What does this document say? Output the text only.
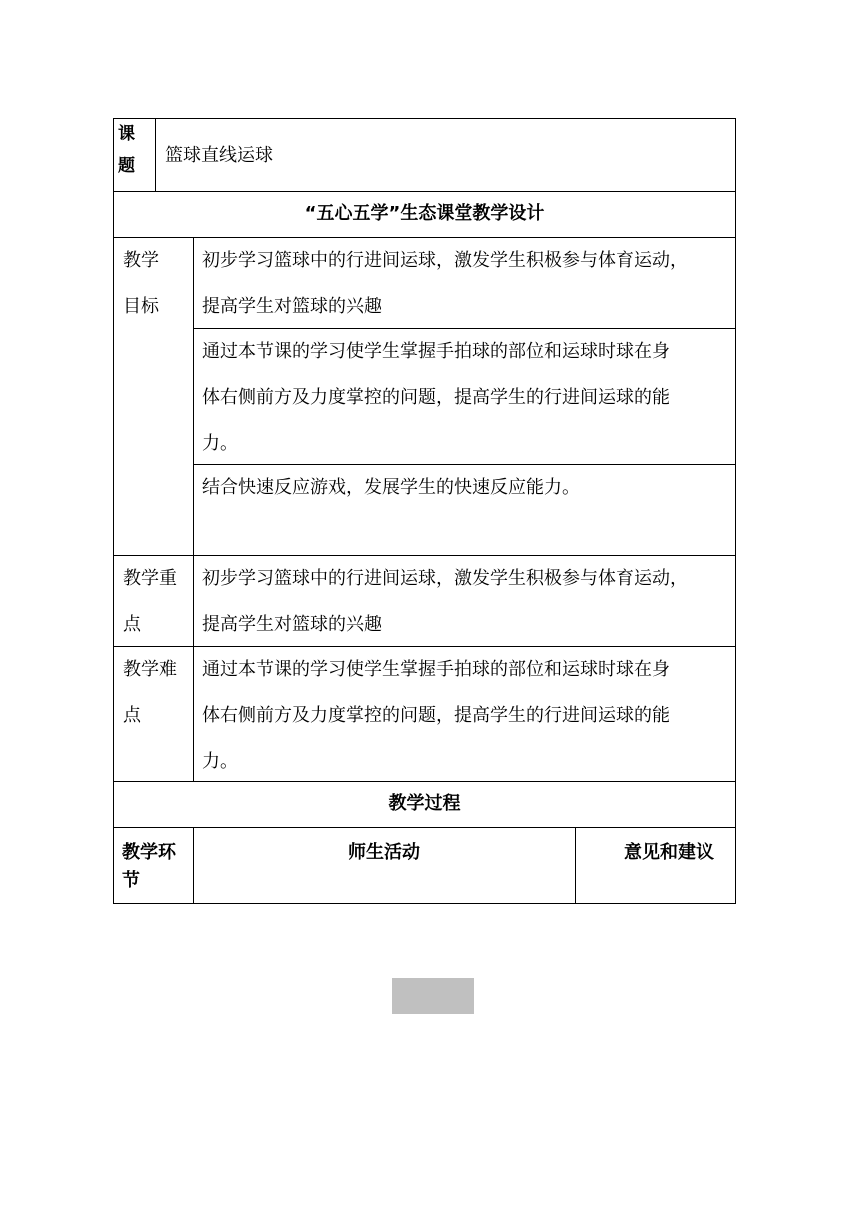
课
题 篮球直线运球
“五心五学”生态课堂教学设计
教学
目标
初步学习篮球中的行进间运球，激发学生积极参与体育运动，
提高学生对篮球的兴趣
通过本节课的学习使学生掌握手拍球的部位和运球时球在身
体右侧前方及力度掌控的问题，提高学生的行进间运球的能
力。
结合快速反应游戏，发展学生的快速反应能力。
教学重
点
初步学习篮球中的行进间运球，激发学生积极参与体育运动，
提高学生对篮球的兴趣
教学难
点
通过本节课的学习使学生掌握手拍球的部位和运球时球在身
体右侧前方及力度掌控的问题，提高学生的行进间运球的能
力。
教学过程
教学环
节
师生活动	意见和建议
